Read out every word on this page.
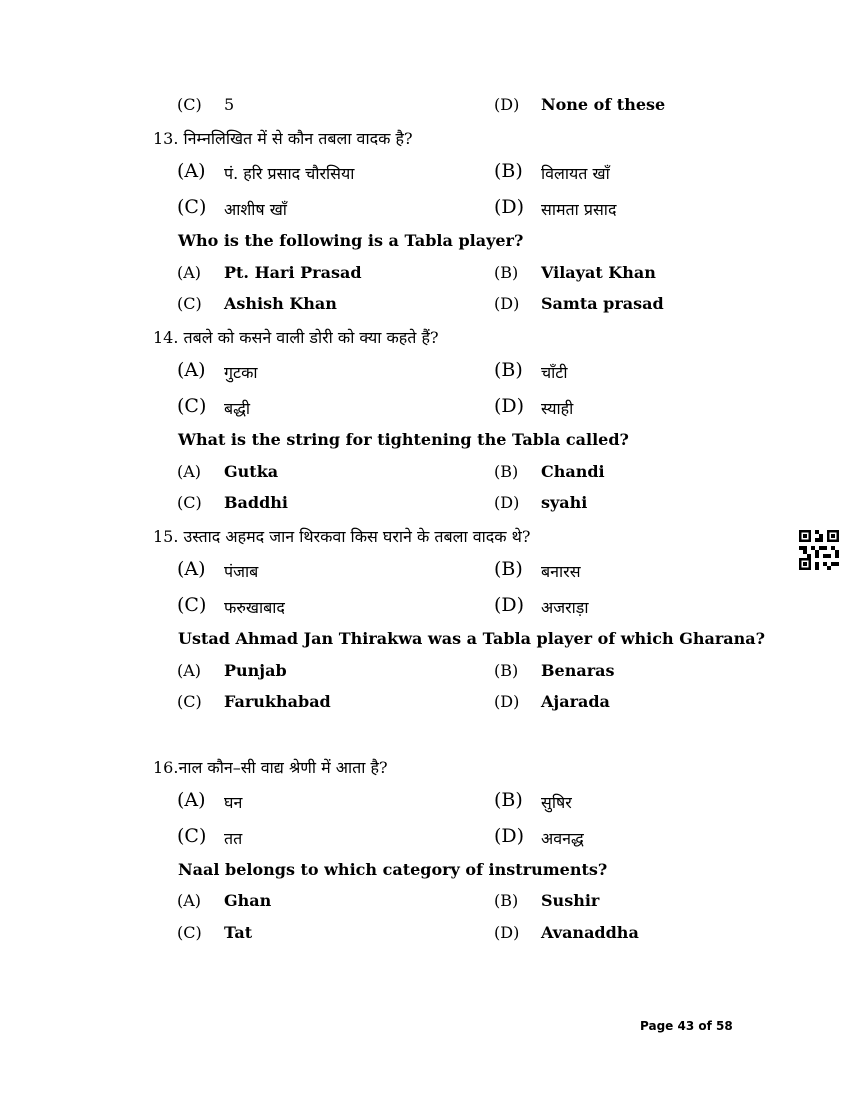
(C) 5	(D) None of these
13. निम्नलिखित में से कौन तबला वादक है?
(A) पं. हरि प्रसाद चौरसिया	(B) विलायत खाँ
(C) आशीष खाँ	(D) सामता प्रसाद
Who is the following is a Tabla player?
(A) Pt. Hari Prasad	(B) Vilayat Khan
(C) Ashish Khan	(D) Samta prasad
14. तबले को कसने वाली डोरी को क्या कहते हैं?
(A) गुटका	(B) चाँटी
(C) बद्धी	(D) स्याही
What is the string for tightening the Tabla called?
(A) Gutka	(B) Chandi
(C) Baddhi	(D) syahi
15. उस्ताद अहमद जान थिरकवा किस घराने के तबला वादक थे?
(A) पंजाब	(B) बनारस
(C) फरुखाबाद	(D) अजराड़ा
Ustad Ahmad Jan Thirakwa was a Tabla player of which Gharana?
(A) Punjab	(B) Benaras
(C) Farukhabad	(D) Ajarada
16.नाल कौन–सी वाद्य श्रेणी में आता है?
(A) घन	(B) सुषिर
(C) तत	(D) अवनद्ध
Naal belongs to which category of instruments?
(A) Ghan	(B) Sushir
(C) Tat	(D) Avanaddha
Page 43 of 58
